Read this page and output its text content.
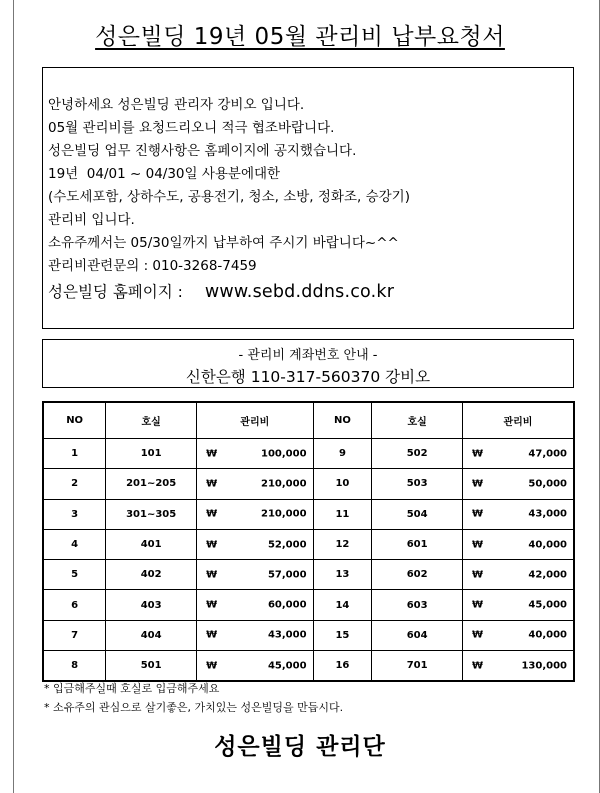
성은빌딩 19년 05월 관리비 납부요청서
안녕하세요 성은빌딩 관리자 강비오 입니다.
05월 관리비를 요청드리오니 적극 협조바랍니다.
성은빌딩 업무 진행사항은 홈페이지에 공지했습니다.
19년  04/01 ~ 04/30일 사용분에대한
(수도세포함, 상하수도, 공용전기, 청소, 소방, 정화조, 승강기)
관리비 입니다.
소유주께서는 05/30일까지 납부하여 주시기 바랍니다~^^
관리비관련문의 : 010-3268-7459
성은빌딩 홈페이지 : www.sebd.ddns.co.kr
- 관리비 계좌번호 안내 -
신한은행 110-317-560370 강비오
NO	호실	관리비	NO	호실	관리비
1	101	₩ 100,000	9	502	₩ 47,000

2	201~205	₩ 210,000	10	503	₩ 50,000

3	301~305	₩ 210,000	11	504	₩ 43,000

4	401	₩ 52,000	12	601	₩ 40,000

5	402	₩ 57,000	13	602	₩ 42,000

6	403	₩ 60,000	14	603	₩ 45,000

7	404	₩ 43,000	15	604	₩ 40,000

8	501	₩ 45,000	16	701	₩ 130,000
* 입금해주실때 호실로 입금해주세요
* 소유주의 관심으로 살기좋은, 가치있는 성은빌딩을 만듭시다.
성은빌딩 관리단
